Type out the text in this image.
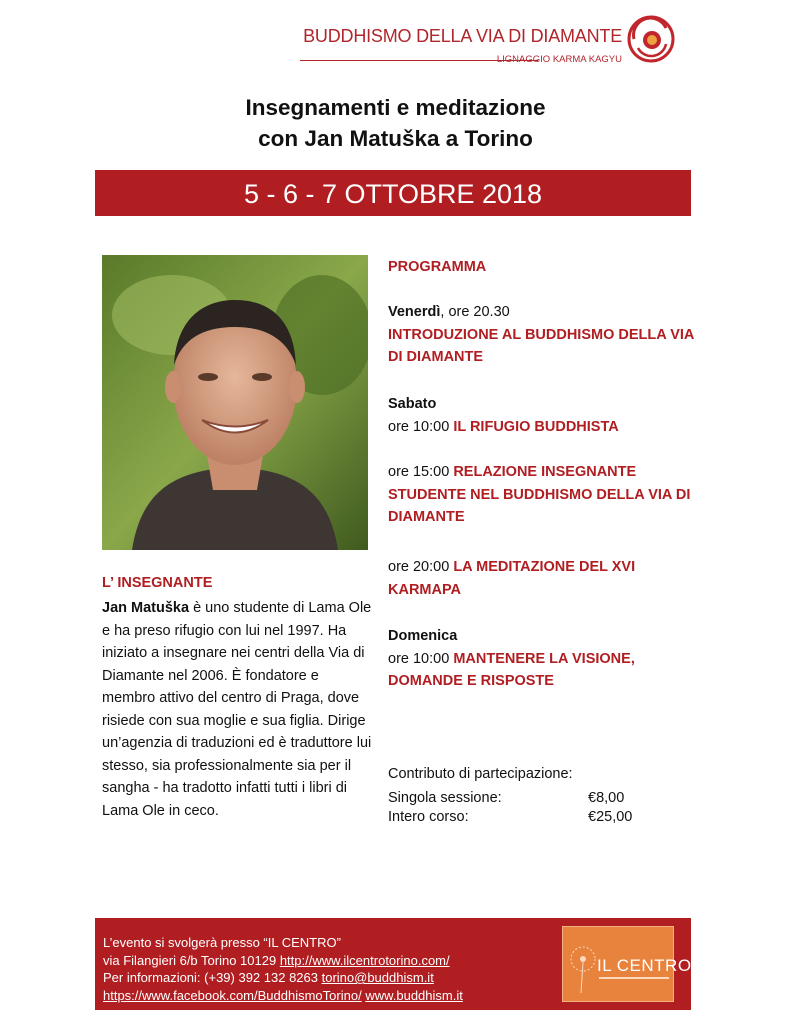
BUDDHISMO DELLA VIA DI DIAMANTE
LIGNAGGIO KARMA KAGYU
Insegnamenti e meditazione
con Jan Matuška a Torino
5 - 6 - 7 OTTOBRE 2018
L’ INSEGNANTE
Jan Matuška è uno studente di Lama Ole e ha preso rifugio con lui nel 1997. Ha iniziato a insegnare nei centri della Via di Diamante nel 2006. È fondatore e membro attivo del centro di Praga, dove risiede con sua moglie e sua figlia. Dirige un’agenzia di traduzioni ed è traduttore lui stesso, sia professionalmente sia per il sangha - ha tradotto infatti tutti i libri di Lama Ole in ceco.
PROGRAMMA
Venerdì, ore 20.30
INTRODUZIONE AL BUDDHISMO DELLA VIA DI DIAMANTE
Sabato
ore 10:00 IL RIFUGIO BUDDHISTA
ore 15:00 RELAZIONE INSEGNANTE STUDENTE NEL BUDDHISMO DELLA VIA DI DIAMANTE
ore 20:00 LA MEDITAZIONE DEL XVI KARMAPA
Domenica
ore 10:00 MANTENERE LA VISIONE, DOMANDE E RISPOSTE
Contributo di partecipazione:
Singola sessione:	€8,00
Intero corso:	€25,00
L’evento si svolgerà presso “IL CENTRO”
via Filangieri 6/b Torino 10129 http://www.ilcentrotorino.com/
Per informazioni: (+39) 392 132 8263 torino@buddhism.it
https://www.facebook.com/BuddhismoTorino/ www.buddhism.it
IL CENTRO
